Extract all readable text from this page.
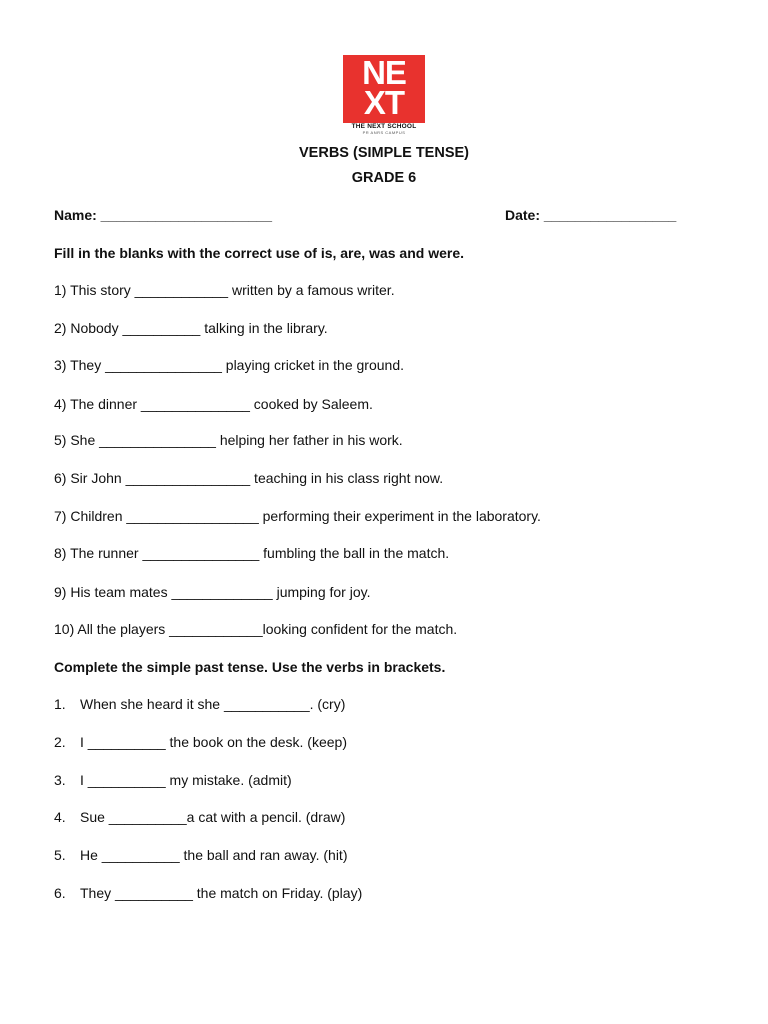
NE
XT
THE NEXT SCHOOL
PR ANRS CAMPUS
VERBS (SIMPLE TENSE)
GRADE 6
Name: ______________________	Date: _________________
Fill in the blanks with the correct use of is, are, was and were.
1) This story ____________ written by a famous writer.
2) Nobody __________ talking in the library.
3) They _______________ playing cricket in the ground.
4) The dinner ______________ cooked by Saleem.
5) She _______________ helping her father in his work.
6) Sir John ________________ teaching in his class right now.
7) Children _________________ performing their experiment in the laboratory.
8) The runner _______________ fumbling the ball in the match.
9) His team mates _____________ jumping for joy.
10) All the players ____________looking confident for the match.
Complete the simple past tense. Use the verbs in brackets.
1. When she heard it she ___________. (cry)
2. I __________ the book on the desk. (keep)
3. I __________ my mistake. (admit)
4. Sue __________a cat with a pencil. (draw)
5. He __________ the ball and ran away. (hit)
6. They __________ the match on Friday. (play)
